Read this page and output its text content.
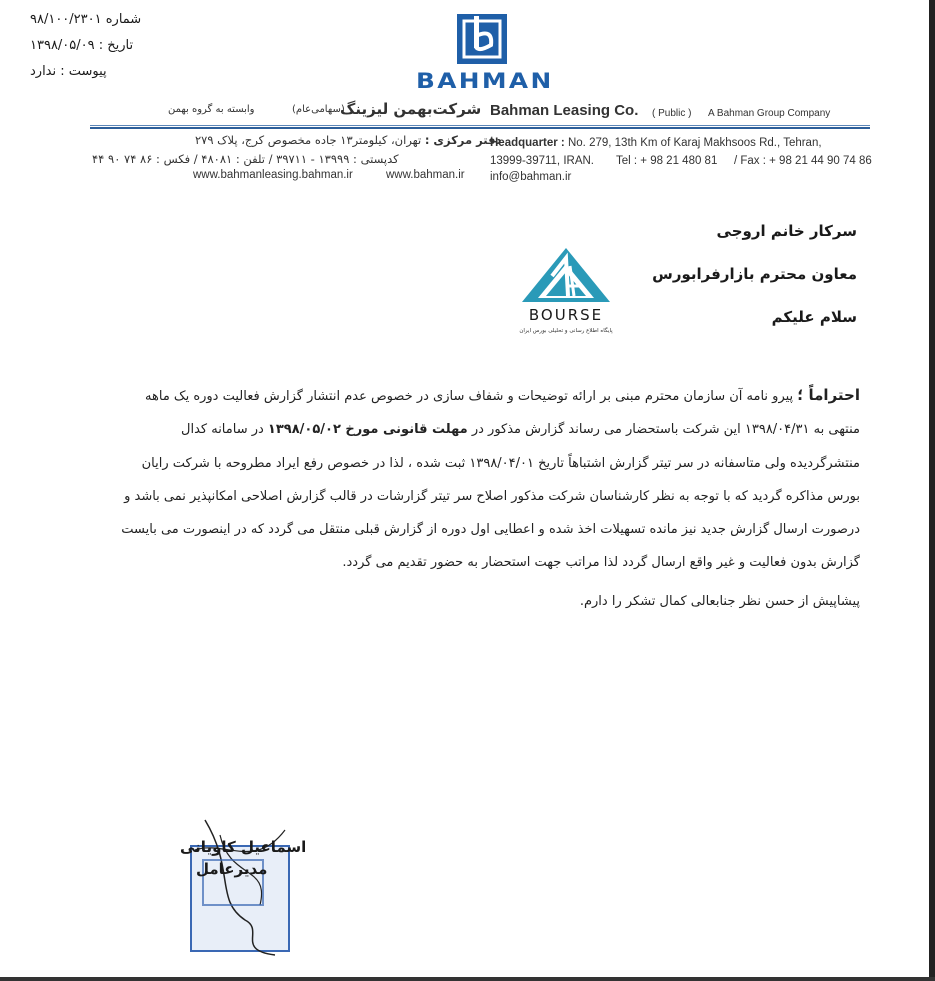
شماره ۹۸/۱۰۰/۲۳۰۱
تاریخ : ۱۳۹۸/۰۵/۰۹
پیوست : ندارد	BAHMAN
وابسته به گروه بهمن	شرکت‌بهمن لیزینگ
(سهامی‌عام)	Bahman Leasing Co. ( Public ) A Bahman Group Company
دفتر مرکزی : تهران، کیلومتر۱۳ جاده مخصوص کرج، پلاک ۲۷۹
کدپستی : ۱۳۹۹۹ - ۳۹۷۱۱ / تلفن : ۴۸۰۸۱ / فکس : ۸۶ ۷۴ ۹۰ ۴۴
www.bahmanleasing.bahman.ir	www.bahman.ir
Headquarter : No. 279, 13th Km of Karaj Makhsoos Rd., Tehran,
13999-39711, IRAN. Tel : + 98 21 480 81 / Fax : + 98 21 44 90 74 86
info@bahman.ir
سرکار خانم اروجی
معاون محترم بازارفرابورس
سلام علیکم
BOURSE
پایگاه اطلاع رسانی و تحلیلی بورس ایران
احتراماً ؛ پیرو نامه آن سازمان محترم مبنی بر ارائه توضیحات و شفاف سازی در خصوص عدم انتشار گزارش فعالیت دوره یک ماهه
منتهی به ۱۳۹۸/۰۴/۳۱ این شرکت باستحضار می رساند گزارش مذکور در مهلت قانونی مورخ ۱۳۹۸/۰۵/۰۲ در سامانه کدال
منتشرگردیده ولی متاسفانه در سر تیتر گزارش اشتباهاً تاریخ ۱۳۹۸/۰۴/۰۱ ثبت شده ، لذا در خصوص رفع ایراد مطروحه با شرکت رایان
بورس مذاکره گردید که با توجه به نظر کارشناسان شرکت مذکور اصلاح سر تیتر گزارشات در قالب گزارش اصلاحی امکانپذیر نمی باشد و
درصورت ارسال گزارش جدید نیز مانده تسهیلات اخذ شده و اعطایی اول دوره از گزارش قبلی منتقل می گردد که در اینصورت می بایست
گزارش بدون فعالیت و غیر واقع ارسال گردد لذا مراتب جهت استحضار به حضور تقدیم می گردد.
پیشاپیش از حسن نظر جنابعالی کمال تشکر را دارم.
اسماعیل کاویانی
مدیرعامل
